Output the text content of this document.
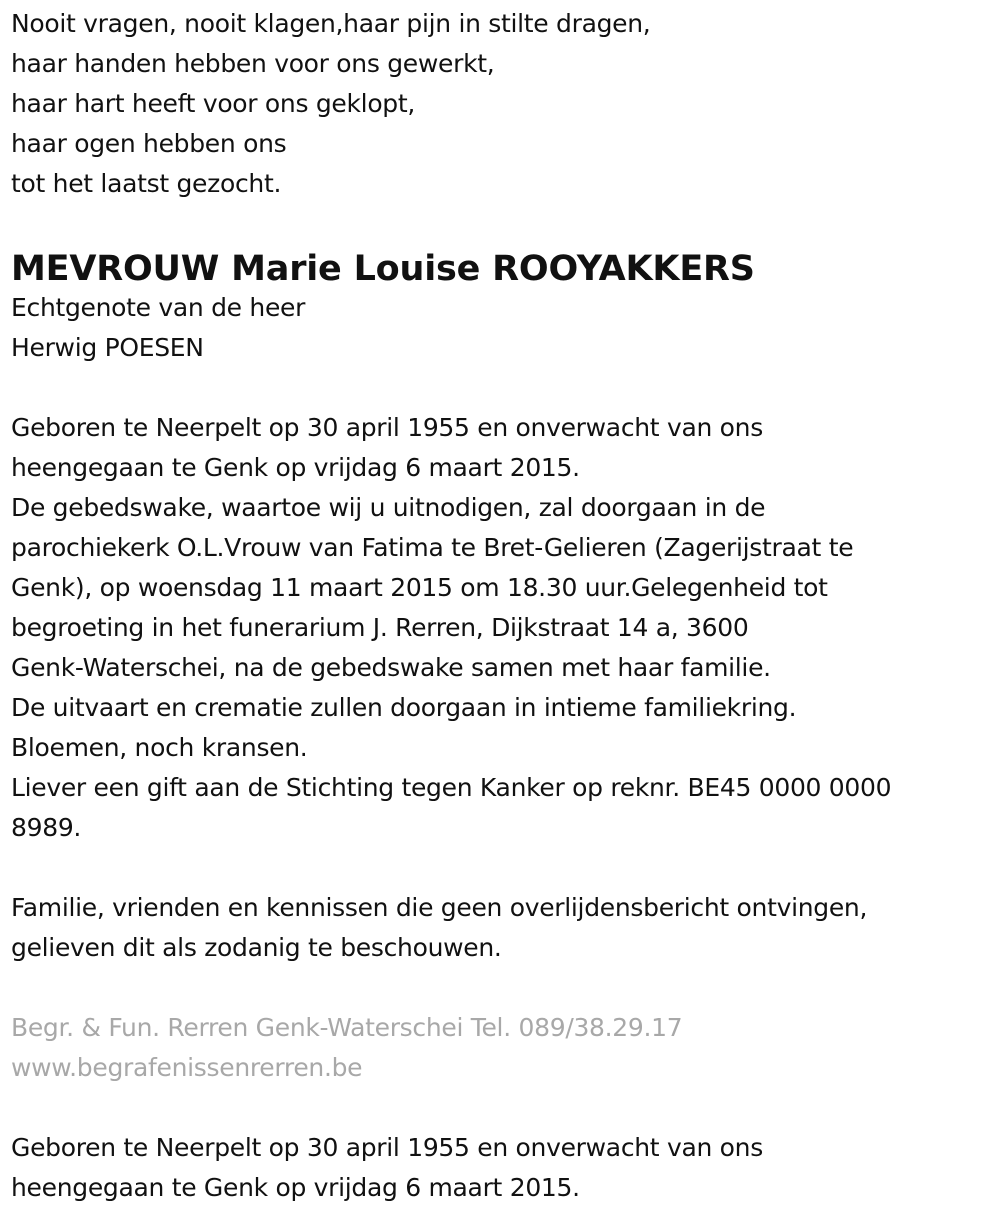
Nooit vragen, nooit klagen,haar pijn in stilte dragen,
haar handen hebben voor ons gewerkt,
haar hart heeft voor ons geklopt,
haar ogen hebben ons
tot het laatst gezocht.
MEVROUW Marie Louise ROOYAKKERS
Echtgenote van de heer
Herwig POESEN
Geboren te Neerpelt op 30 april 1955 en onverwacht van ons
heengegaan te Genk op vrijdag 6 maart 2015.
De gebedswake, waartoe wij u uitnodigen, zal doorgaan in de
parochiekerk O.L.Vrouw van Fatima te Bret-Gelieren (Zagerijstraat te
Genk), op woensdag 11 maart 2015 om 18.30 uur.Gelegenheid tot
begroeting in het funerarium J. Rerren, Dijkstraat 14 a, 3600
Genk-Waterschei, na de gebedswake samen met haar familie.
De uitvaart en crematie zullen doorgaan in intieme familiekring.
Bloemen, noch kransen.
Liever een gift aan de Stichting tegen Kanker op reknr. BE45 0000 0000
8989.
Familie, vrienden en kennissen die geen overlijdensbericht ontvingen,
gelieven dit als zodanig te beschouwen.
Begr. & Fun. Rerren Genk-Waterschei Tel. 089/38.29.17
www.begrafenissenrerren.be
Geboren te Neerpelt op 30 april 1955 en onverwacht van ons
heengegaan te Genk op vrijdag 6 maart 2015.
